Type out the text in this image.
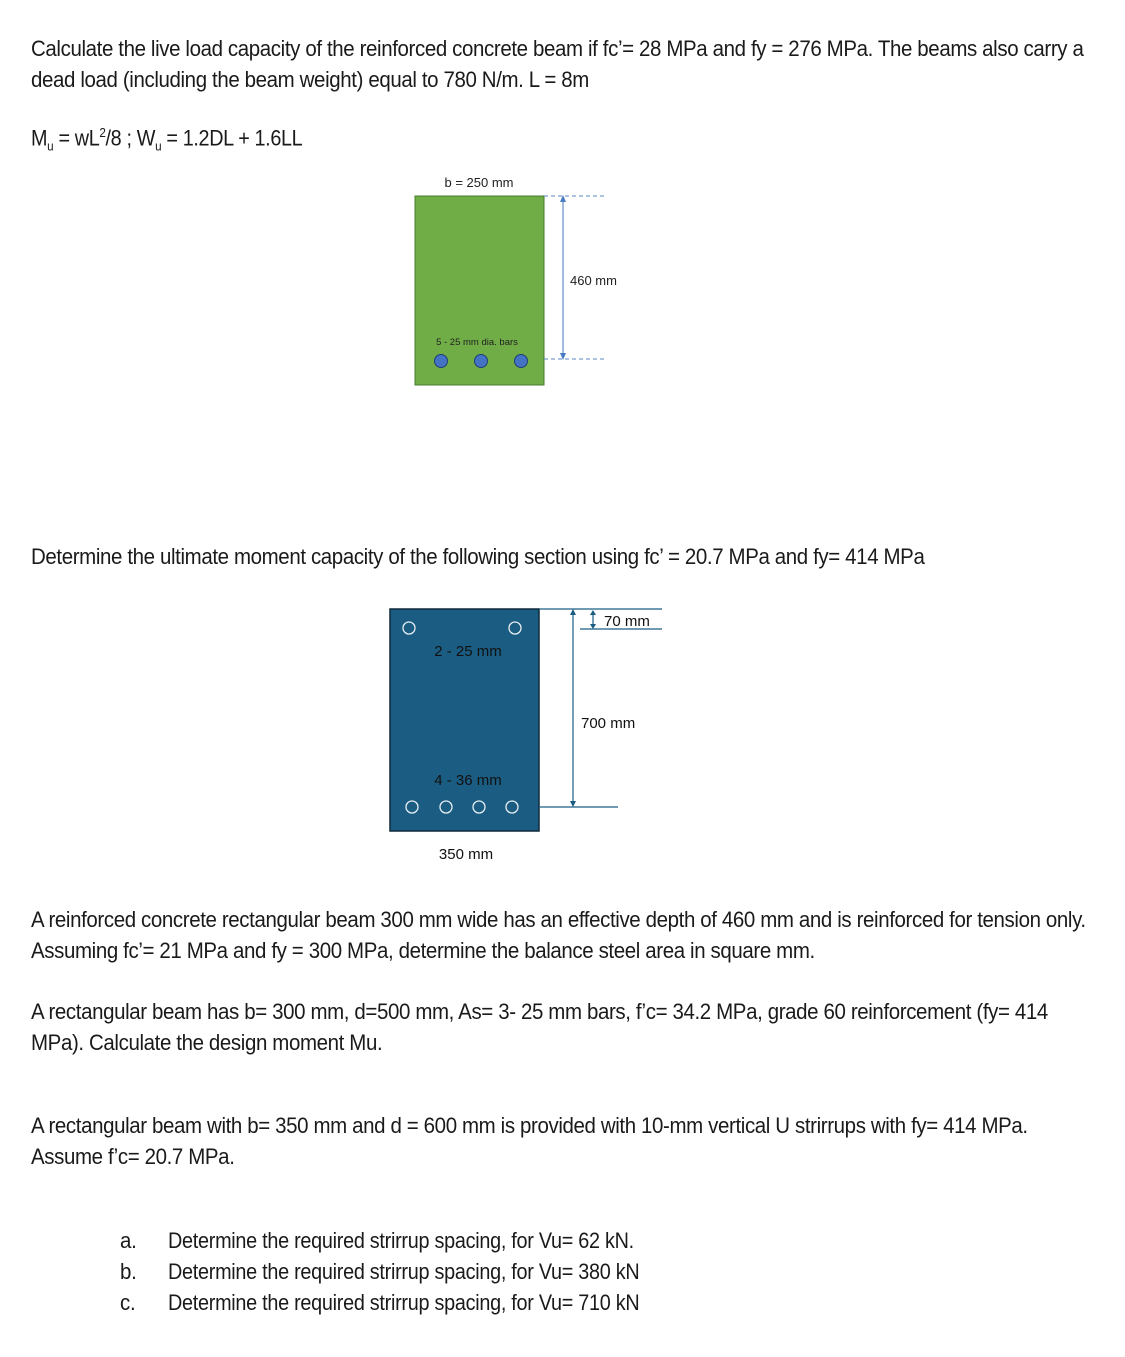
Calculate the live load capacity of the reinforced concrete beam if fc’= 28 MPa and fy = 276 MPa. The beams also carry a dead load (including the beam weight) equal to 780 N/m. L = 8m

$M_u = wL^2/8$ ; $W_u = 1.2DL + 1.6LL$

b = 250 mm
460 mm
5 - 25 mm dia. bars

Determine the ultimate moment capacity of the following section using fc’ = 20.7 MPa and fy= 414 MPa

2 - 25 mm
4 - 36 mm
70 mm
700 mm
350 mm

A reinforced concrete rectangular beam 300 mm wide has an effective depth of 460 mm and is reinforced for tension only. Assuming fc’= 21 MPa and fy = 300 MPa, determine the balance steel area in square mm.

A rectangular beam has b= 300 mm, d=500 mm, As= 3- 25 mm bars, f’c= 34.2 MPa, grade 60 reinforcement (fy= 414 MPa). Calculate the design moment Mu.

A rectangular beam with b= 350 mm and d = 600 mm is provided with 10-mm vertical U strirrups with fy= 414 MPa. Assume f’c= 20.7 MPa.

a.	Determine the required strirrup spacing, for Vu= 62 kN.
b.	Determine the required strirrup spacing, for Vu= 380 kN
c.	Determine the required strirrup spacing, for Vu= 710 kN
